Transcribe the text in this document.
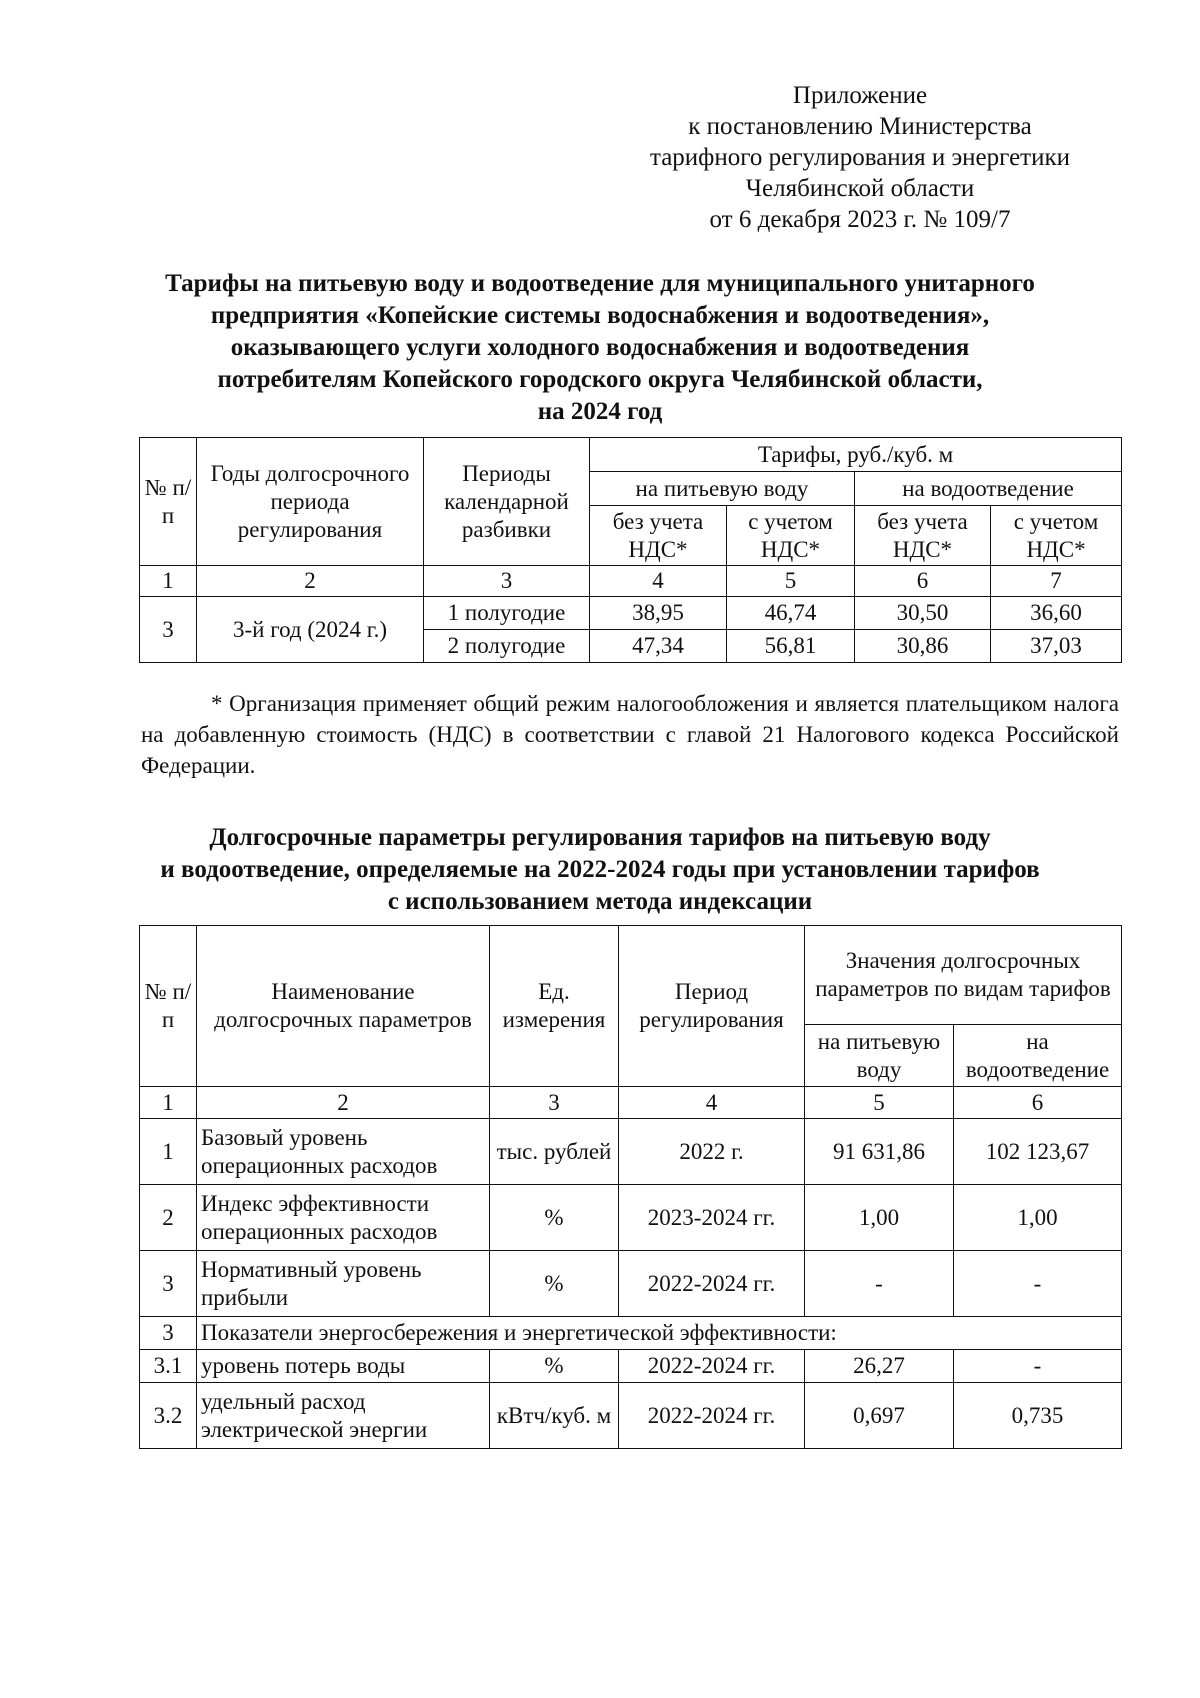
Приложение
к постановлению Министерства
тарифного регулирования и энергетики
Челябинской области
от 6 декабря 2023 г. № 109/7
Тарифы на питьевую воду и водоотведение для муниципального унитарного
предприятия «Копейские системы водоснабжения и водоотведения»,
оказывающего услуги холодного водоснабжения и водоотведения
потребителям Копейского городского округа Челябинской области,
на 2024 год
№ п/п	Годы долгосрочного периода регулирования	Периоды календарной разбивки	Тарифы, руб./куб. м			
			на питьевую воду		на водоотведение	
			без учета НДС*	с учетом НДС*	без учета НДС*	с учетом НДС*
1	2	3	4	5	6	7
3	3-й год (2024 г.)	1 полугодие	38,95	46,74	30,50	36,60
		2 полугодие	47,34	56,81	30,86	37,03

* Организация применяет общий режим налогообложения и является плательщиком налога на добавленную стоимость (НДС) в соответствии с главой 21 Налогового кодекса Российской Федерации.

Долгосрочные параметры регулирования тарифов на питьевую воду
и водоотведение, определяемые на 2022-2024 годы при установлении тарифов
с использованием метода индексации
№ п/п	Наименование долгосрочных параметров	Ед. измерения	Период регулирования	Значения долгосрочных параметров по видам тарифов	
				на питьевую воду	на водоотведение
1	2	3	4	5	6
1	Базовый уровень операционных расходов	тыс. рублей	2022 г.	91 631,86	102 123,67
2	Индекс эффективности операционных расходов	%	2023-2024 гг.	1,00	1,00
3	Нормативный уровень прибыли	%	2022-2024 гг.	-	-
3	Показатели энергосбережения и энергетической эффективности:				
3.1	уровень потерь воды	%	2022-2024 гг.	26,27	-
3.2	удельный расход электрической энергии	кВтч/куб. м	2022-2024 гг.	0,697	0,735
